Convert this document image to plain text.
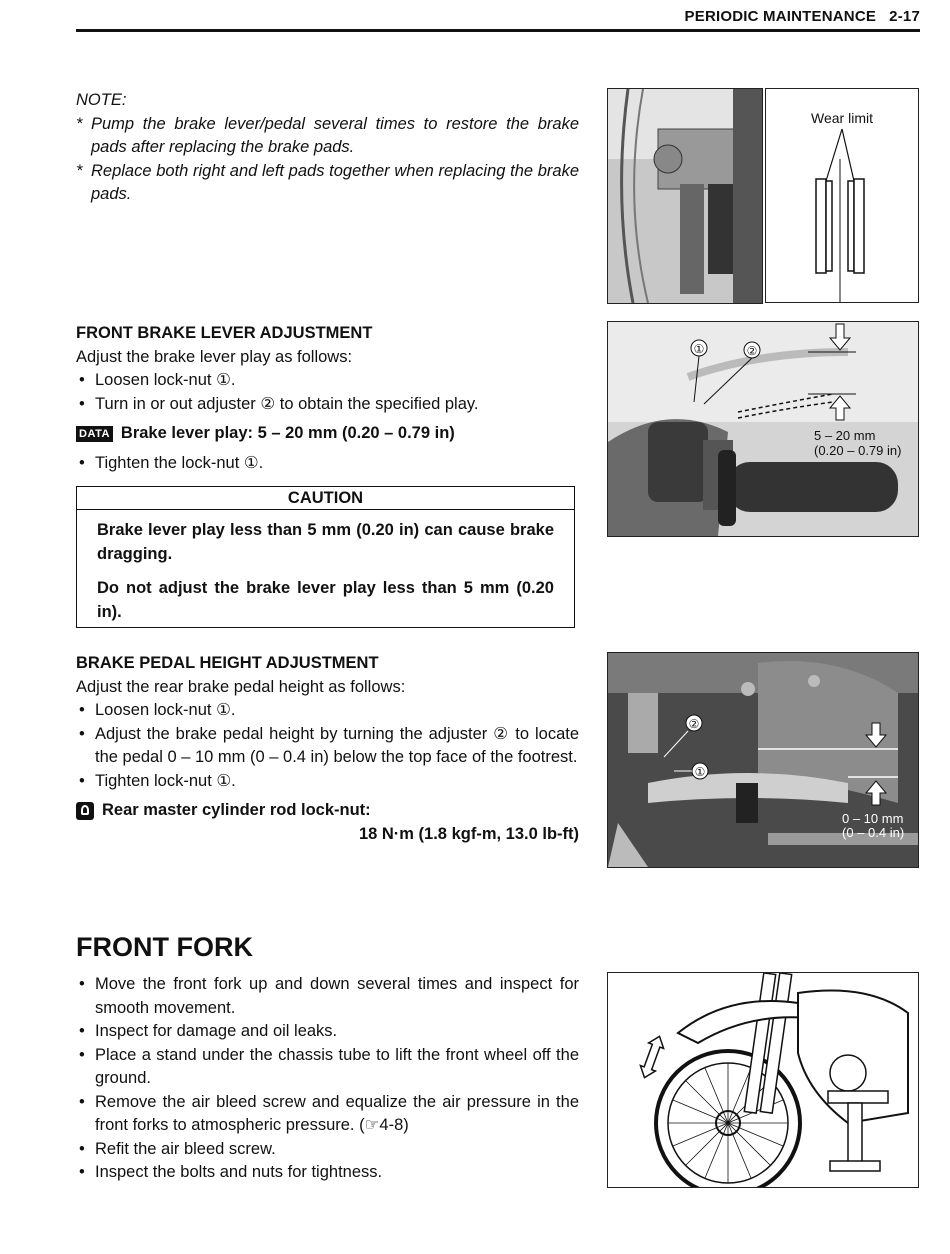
PERIODIC MAINTENANCE 2-17
NOTE:
* Pump the brake lever/pedal several times to restore the brake pads after replacing the brake pads.
* Replace both right and left pads together when replacing the brake pads.
Wear limit
FRONT BRAKE LEVER ADJUSTMENT
Adjust the brake lever play as follows:
• Loosen lock-nut ①.
• Turn in or out adjuster ② to obtain the specified play.
DATA Brake lever play: 5 – 20 mm (0.20 – 0.79 in)
• Tighten the lock-nut ①.
①	②
5 – 20 mm
(0.20 – 0.79 in)
CAUTION

Brake lever play less than 5 mm (0.20 in) can cause brake dragging.

Do not adjust the brake lever play less than 5 mm (0.20 in).

BRAKE PEDAL HEIGHT ADJUSTMENT
Adjust the rear brake pedal height as follows:
• Loosen lock-nut ①.
• Adjust the brake pedal height by turning the adjuster ② to locate the pedal 0 – 10 mm (0 – 0.4 in) below the top face of the footrest.
• Tighten lock-nut ①.
Rear master cylinder rod lock-nut:
18 N·m (1.8 kgf-m, 13.0 lb-ft)
②
①
0 – 10 mm
(0 – 0.4 in)
FRONT FORK
• Move the front fork up and down several times and inspect for smooth movement.
• Inspect for damage and oil leaks.
• Place a stand under the chassis tube to lift the front wheel off the ground.
• Remove the air bleed screw and equalize the air pressure in the front forks to atmospheric pressure. (☞4-8)
• Refit the air bleed screw.
• Inspect the bolts and nuts for tightness.
